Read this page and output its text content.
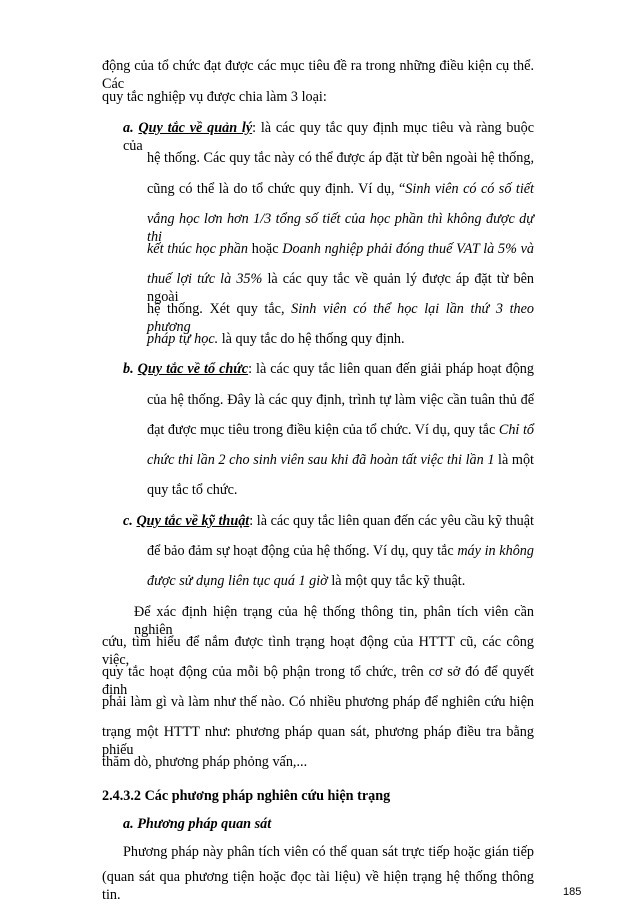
động của tổ chức đạt được các mục tiêu đề ra trong những điều kiện cụ thể. Các
quy tắc nghiệp vụ được chia làm 3 loại:
a. Quy tắc về quản lý: là các quy tắc quy định mục tiêu và ràng buộc của
hệ thống. Các quy tắc này có thể được áp đặt từ bên ngoài hệ thống,
cũng có thể là do tổ chức quy định. Ví dụ, “Sinh viên có có số tiết
vắng học lơn hơn 1/3 tổng số tiết của học phần thì không được dự thi
kết thúc học phần hoặc Doanh nghiệp phải đóng thuế VAT là 5% và
thuế lợi tức là 35% là các quy tắc về quản lý được áp đặt từ bên ngoài
hệ thống. Xét quy tắc, Sinh viên có thể học lại lần thứ 3 theo phương
pháp tự học. là quy tắc do hệ thống quy định.
b. Quy tắc về tổ chức: là các quy tắc liên quan đến giải pháp hoạt động
của hệ thống. Đây là các quy định, trình tự làm việc cần tuân thủ để
đạt được mục tiêu trong điều kiện của tổ chức. Ví dụ, quy tắc Chỉ tổ
chức thi lần 2 cho sinh viên sau khi đã hoàn tất việc thi lần 1 là một
quy tắc tổ chức.
c. Quy tắc về kỹ thuật: là các quy tắc liên quan đến các yêu cầu kỹ thuật
để bảo đảm sự hoạt động của hệ thống. Ví dụ, quy tắc máy in không
được sử dụng liên tục quá 1 giờ là một quy tắc kỹ thuật.
Để xác định hiện trạng của hệ thống thông tin, phân tích viên cần nghiên
cứu, tìm hiểu để nắm được tình trạng hoạt động của HTTT cũ, các công việc,
quy tắc hoạt động của mỗi bộ phận trong tổ chức, trên cơ sở đó để quyết định
phải làm gì và làm như thế nào. Có nhiều phương pháp để nghiên cứu hiện
trạng một HTTT như: phương pháp quan sát, phương pháp điều tra bằng phiếu
thăm dò, phương pháp phỏng vấn,...
2.4.3.2 Các phương pháp nghiên cứu hiện trạng
a. Phương pháp quan sát
Phương pháp này phân tích viên có thể quan sát trực tiếp hoặc gián tiếp
(quan sát qua phương tiện hoặc đọc tài liệu) về hiện trạng hệ thống thông tin.	185
